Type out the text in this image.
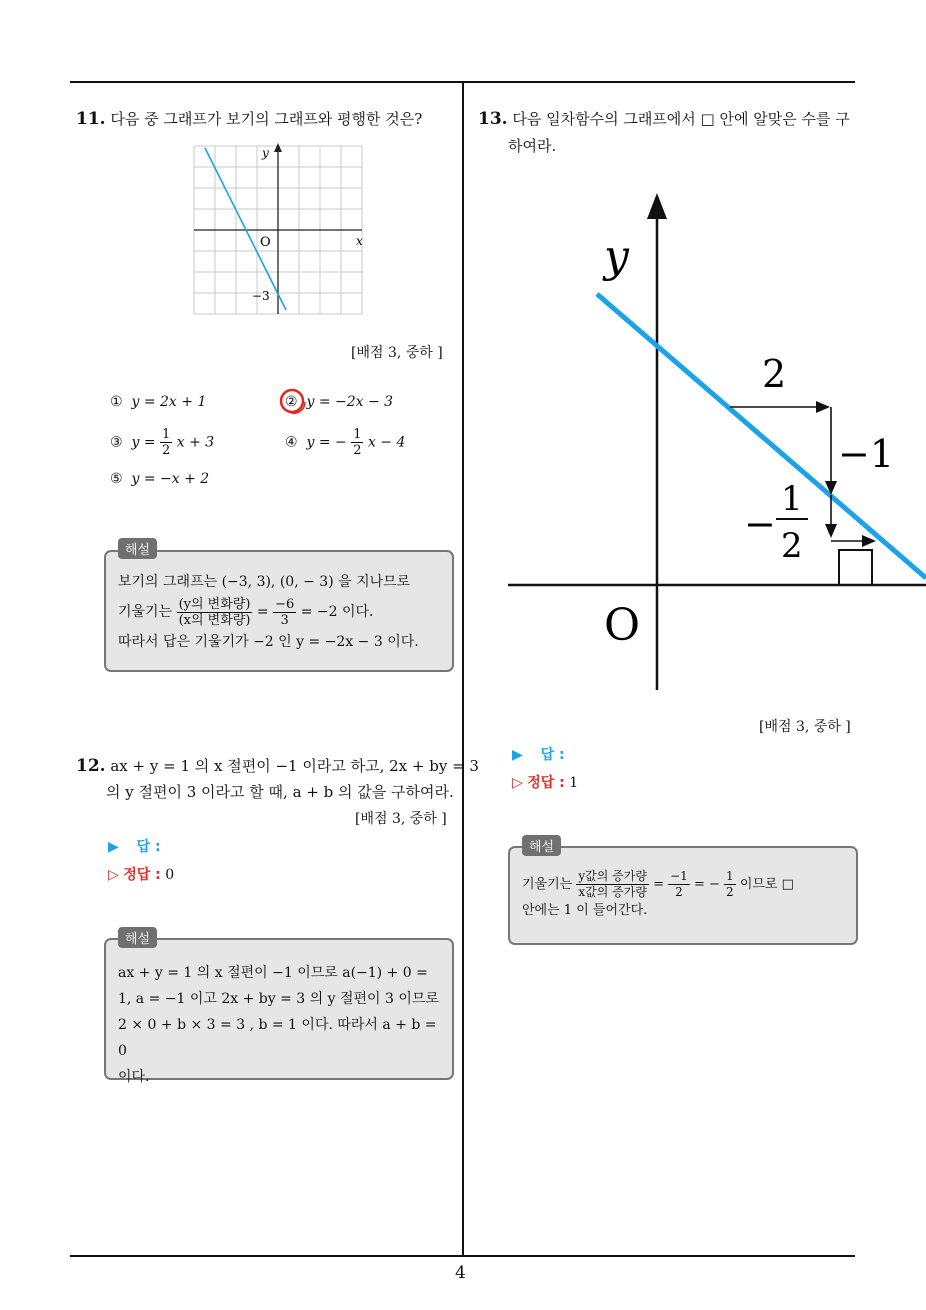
4
11. 다음 중 그래프가 보기의 그래프와 평행한 것은?
y
x
O
−3
[배점 3, 중하 ]
① y = 2x + 1	② y = −2x − 3
③ $y = \frac{1}{2}$ x + 3	④ y = − $\frac{1}{2}$ x − 4
⑤ y = −x + 2
보기의 그래프는 (−3, 3), (0, − 3) 을 지나므로
기울기는 $\frac{\text{(y의 변화량)}}{\text{(x의 변화량)}} = \frac{-6}{3} = -2$ 이다.
따라서 답은 기울기가 −2 인 y = −2x − 3 이다.
해설
12. ax + y = 1 의 x 절편이 −1 이라고 하고, 2x + by = 3
의 y 절편이 3 이라고 할 때, a + b 의 값을 구하여라.
[배점 3, 중하 ]
▶ 답 :
▷ 정답 : 0
ax + y = 1 의 x 절편이 −1 이므로 a(−1) + 0 =
1, a = −1 이고 2x + by = 3 의 y 절편이 3 이므로
2 × 0 + b × 3 = 3 , b = 1 이다. 따라서 a + b = 0
이다.
해설
13. 다음 일차함수의 그래프에서 □ 안에 알맞은 수를 구
하여라.
y
O
2
−1
−
1
2
[배점 3, 중하 ]
▶ 답 :
▷ 정답 : 1
기울기는 $\frac{\text{y값의 증가량}}{\text{x값의 증가량}} = \frac{-1}{2}$ = − $\frac{1}{2}$ 이므로 □
안에는 1 이 들어간다.
해설
